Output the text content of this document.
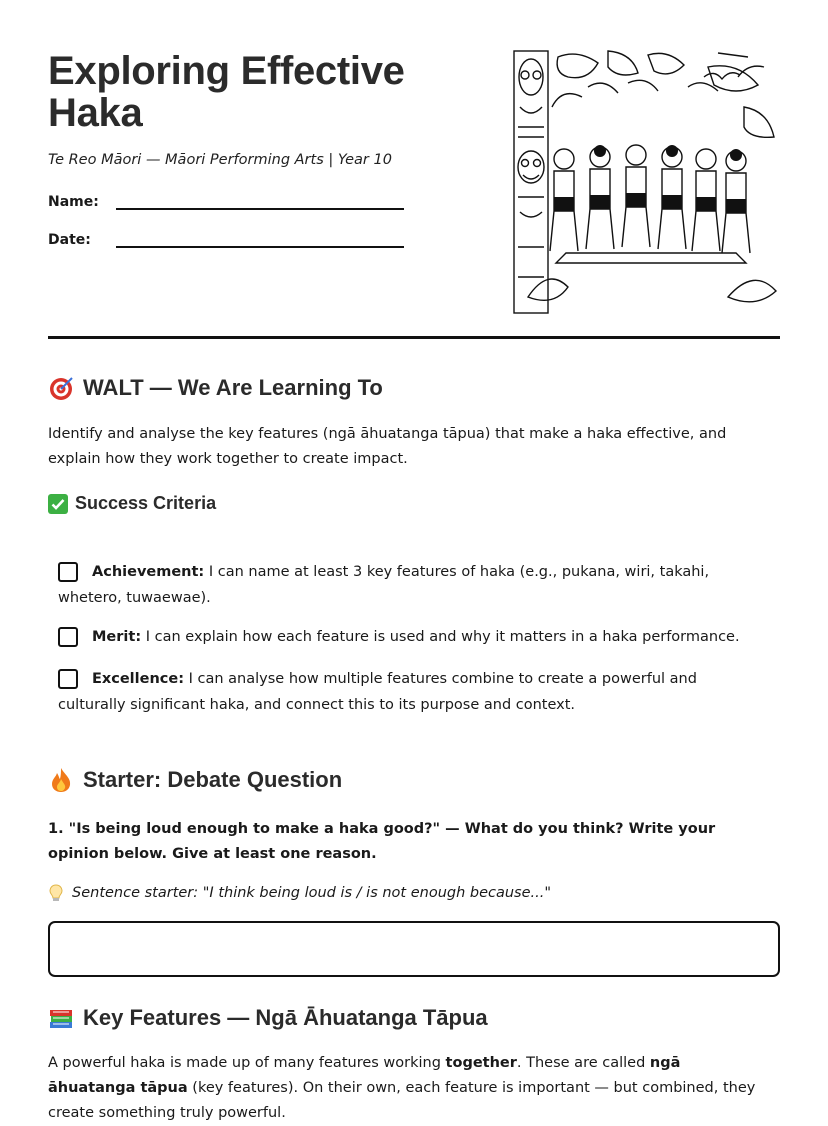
Exploring Effective
Haka
Te Reo Māori — Māori Performing Arts | Year 10
Name:
Date:
WALT — We Are Learning To
Identify and analyse the key features (ngā āhuatanga tāpua) that make a haka effective, and explain how they work together to create impact.
Success Criteria
Achievement: I can name at least 3 key features of haka (e.g., pukana, wiri, takahi, whetero, tuwaewae).
Merit: I can explain how each feature is used and why it matters in a haka performance.
Excellence: I can analyse how multiple features combine to create a powerful and culturally significant haka, and connect this to its purpose and context.
Starter: Debate Question
1. "Is being loud enough to make a haka good?" — What do you think? Write your opinion below. Give at least one reason.
Sentence starter: "I think being loud is / is not enough because..."
Key Features — Ngā Āhuatanga Tāpua
A powerful haka is made up of many features working together. These are called ngā āhuatanga tāpua (key features). On their own, each feature is important — but combined, they create something truly powerful.
